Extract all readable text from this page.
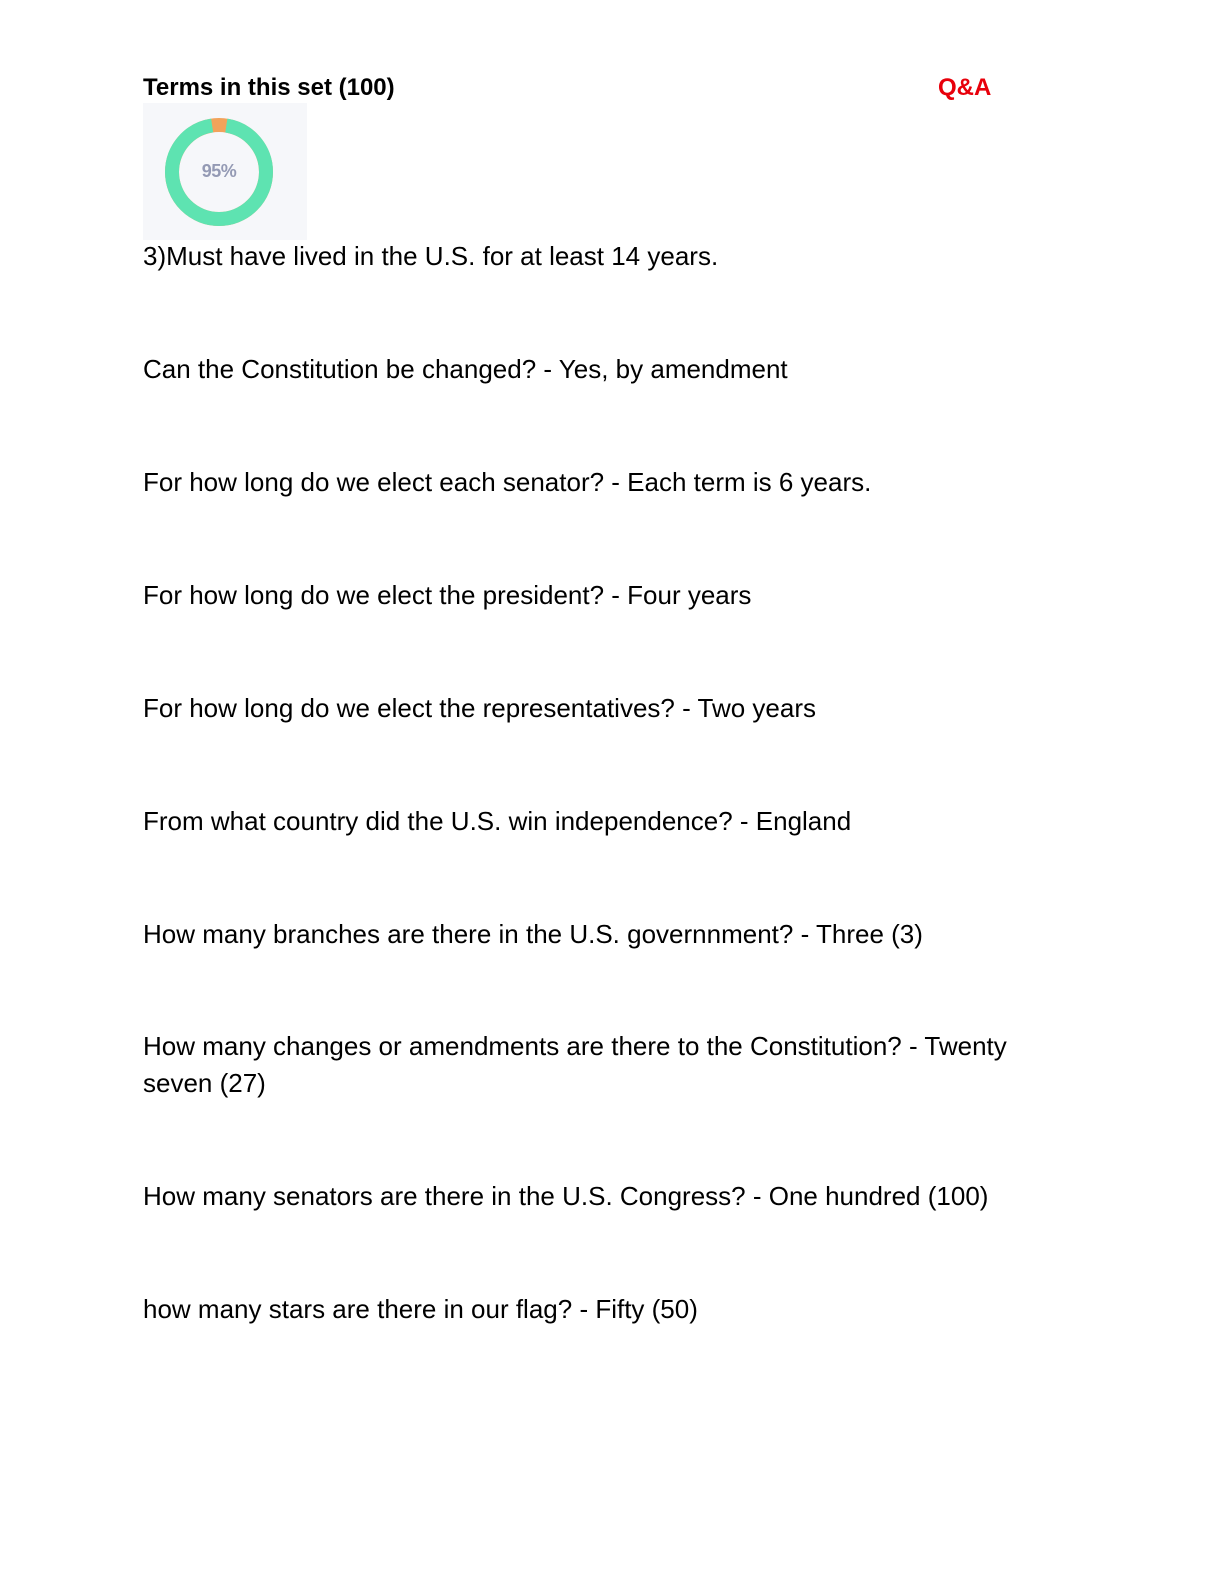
Terms in this set (100)	Q&A
95%
3)Must have lived in the U.S. for at least 14 years.
Can the Constitution be changed? - Yes, by amendment
For how long do we elect each senator? - Each term is 6 years.
For how long do we elect the president? - Four years
For how long do we elect the representatives? - Two years
From what country did the U.S. win independence? - England
How many branches are there in the U.S. governnment? - Three (3)
How many changes or amendments are there to the Constitution? - Twenty seven (27)
How many senators are there in the U.S. Congress? - One hundred (100)
how many stars are there in our flag? - Fifty (50)
